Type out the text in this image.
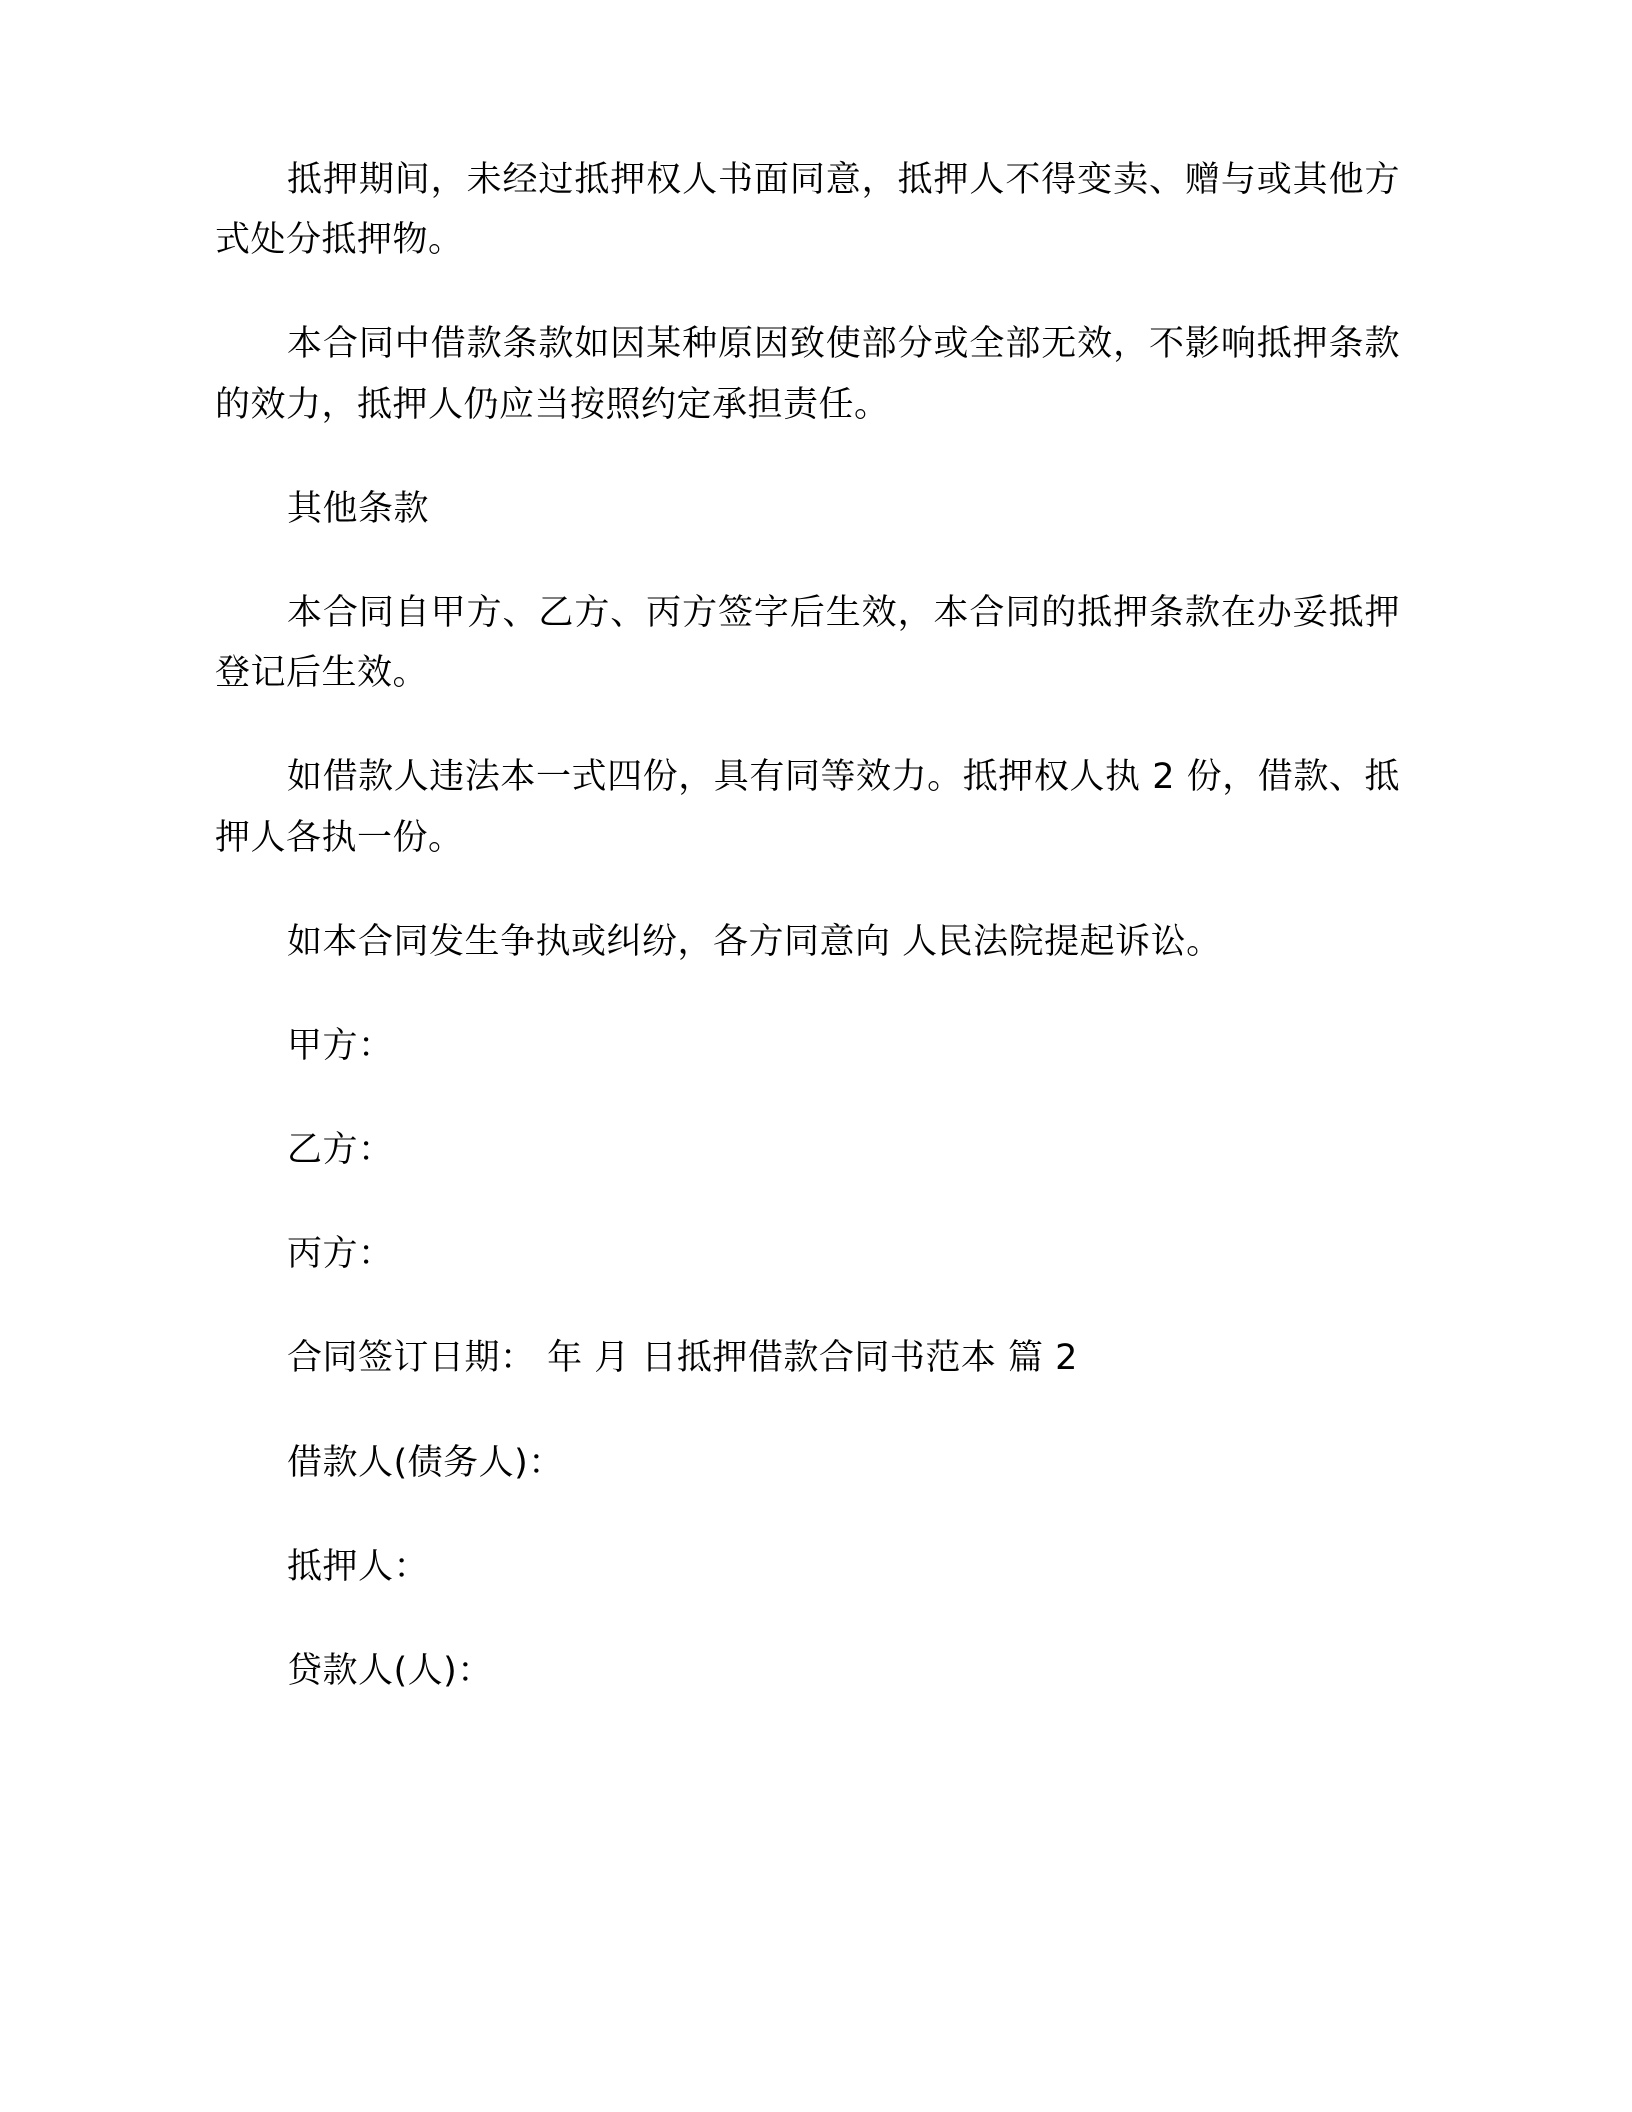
抵押期间，未经过抵押权人书面同意，抵押人不得变卖、赠与或其他方式处分抵押物。

本合同中借款条款如因某种原因致使部分或全部无效，不影响抵押条款的效力，抵押人仍应当按照约定承担责任。

其他条款

本合同自甲方、乙方、丙方签字后生效，本合同的抵押条款在办妥抵押登记后生效。

如借款人违法本一式四份，具有同等效力。抵押权人执 2 份，借款、抵押人各执一份。

如本合同发生争执或纠纷，各方同意向 人民法院提起诉讼。

甲方：

乙方：

丙方：

合同签订日期： 年 月 日抵押借款合同书范本 篇 2

借款人(债务人)：

抵押人：

贷款人(人)：
